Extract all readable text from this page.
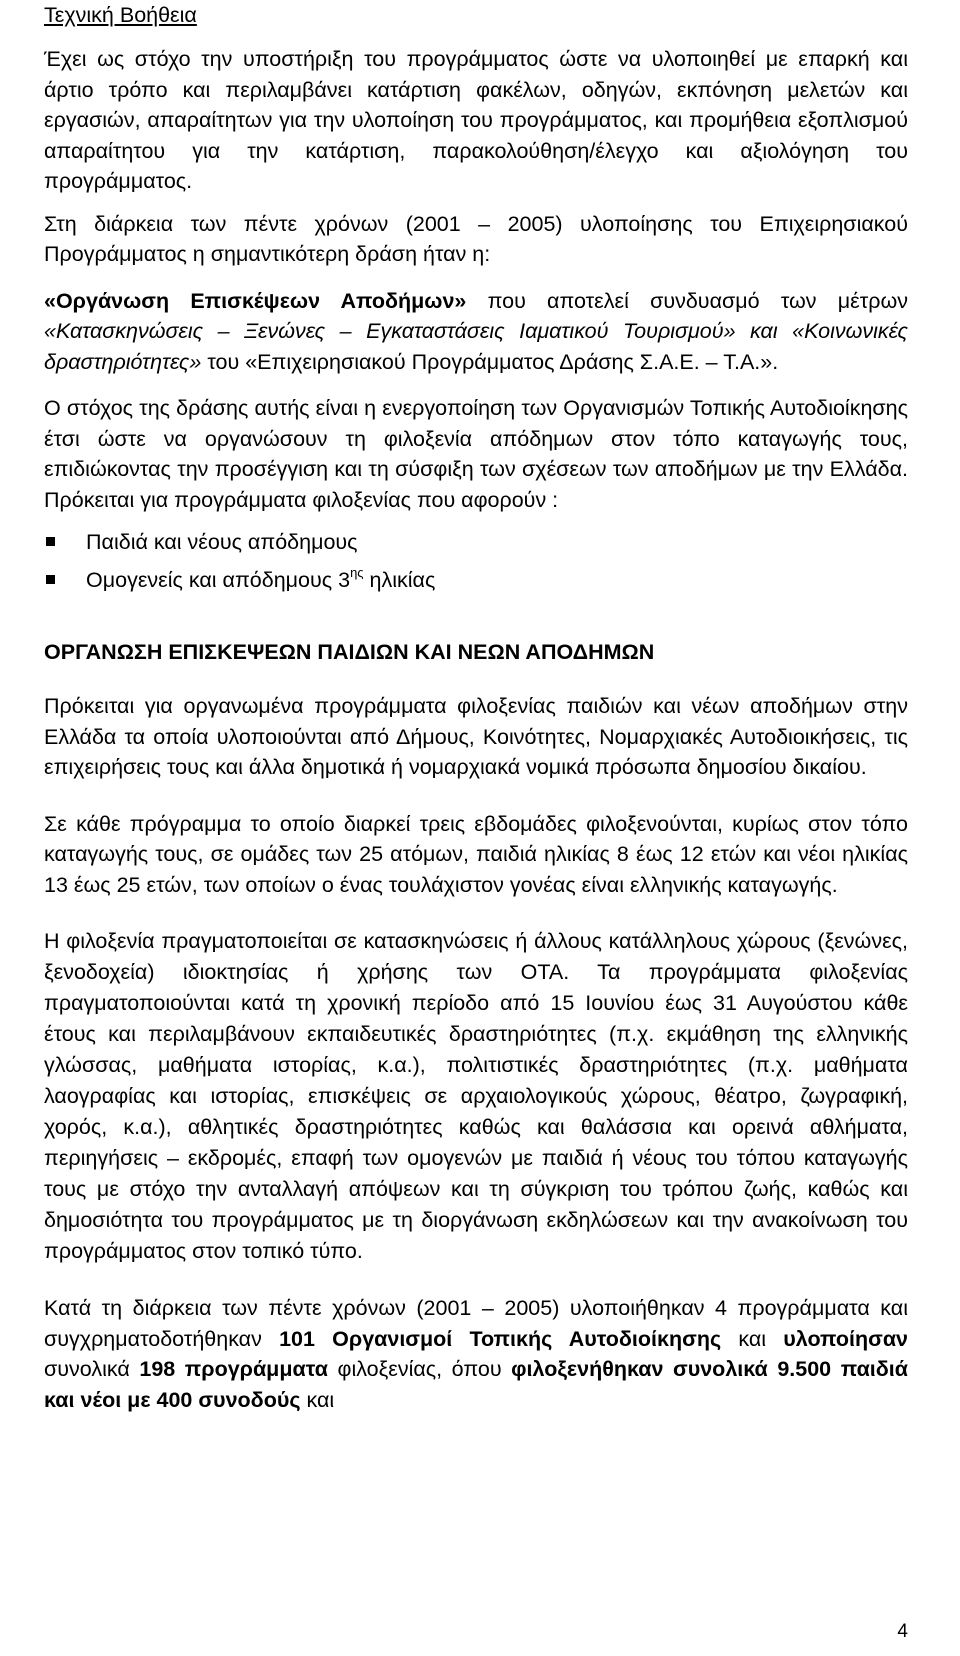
Τεχνική Βοήθεια

Έχει ως στόχο την υποστήριξη του προγράμματος ώστε να υλοποιηθεί με επαρκή και άρτιο τρόπο και περιλαμβάνει κατάρτιση φακέλων, οδηγών, εκπόνηση μελετών και εργασιών, απαραίτητων για την υλοποίηση του προγράμματος, και προμήθεια εξοπλισμού απαραίτητου για την κατάρτιση, παρακολούθηση/έλεγχο και αξιολόγηση του προγράμματος.

Στη διάρκεια των πέντε χρόνων (2001 – 2005) υλοποίησης του Επιχειρησιακού Προγράμματος η σημαντικότερη δράση ήταν η:

«Οργάνωση Επισκέψεων Αποδήμων» που αποτελεί συνδυασμό των μέτρων «Κατασκηνώσεις – Ξενώνες – Εγκαταστάσεις Ιαματικού Τουρισμού» και «Κοινωνικές δραστηριότητες» του «Επιχειρησιακού Προγράμματος Δράσης Σ.Α.Ε. – Τ.Α.».

Ο στόχος της δράσης αυτής είναι η ενεργοποίηση των Οργανισμών Τοπικής Αυτοδιοίκησης έτσι ώστε να οργανώσουν τη φιλοξενία απόδημων στον τόπο καταγωγής τους, επιδιώκοντας την προσέγγιση και τη σύσφιξη των σχέσεων των αποδήμων με την Ελλάδα. Πρόκειται για προγράμματα φιλοξενίας που αφορούν :

Παιδιά και νέους απόδημους
Ομογενείς και απόδημους $3^{\eta\varsigma}$ ηλικίας
ΟΡΓΑΝΩΣΗ ΕΠΙΣΚΕΨΕΩΝ ΠΑΙΔΙΩΝ ΚΑΙ ΝΕΩΝ ΑΠΟΔΗΜΩΝ

Πρόκειται για οργανωμένα προγράμματα φιλοξενίας παιδιών και νέων αποδήμων στην Ελλάδα τα οποία υλοποιούνται από Δήμους, Κοινότητες, Νομαρχιακές Αυτοδιοικήσεις, τις επιχειρήσεις τους και άλλα δημοτικά ή νομαρχιακά νομικά πρόσωπα δημοσίου δικαίου.

Σε κάθε πρόγραμμα το οποίο διαρκεί τρεις εβδομάδες φιλοξενούνται, κυρίως στον τόπο καταγωγής τους, σε ομάδες των 25 ατόμων, παιδιά ηλικίας 8 έως 12 ετών και νέοι ηλικίας 13 έως 25 ετών, των οποίων ο ένας τουλάχιστον γονέας είναι ελληνικής καταγωγής.

Η φιλοξενία πραγματοποιείται σε κατασκηνώσεις ή άλλους κατάλληλους χώρους (ξενώνες, ξενοδοχεία) ιδιοκτησίας ή χρήσης των ΟΤΑ. Τα προγράμματα φιλοξενίας πραγματοποιούνται κατά τη χρονική περίοδο από 15 Ιουνίου έως 31 Αυγούστου κάθε έτους και περιλαμβάνουν εκπαιδευτικές δραστηριότητες (π.χ. εκμάθηση της ελληνικής γλώσσας, μαθήματα ιστορίας, κ.α.), πολιτιστικές δραστηριότητες (π.χ. μαθήματα λαογραφίας και ιστορίας, επισκέψεις σε αρχαιολογικούς χώρους, θέατρο, ζωγραφική, χορός, κ.α.), αθλητικές δραστηριότητες καθώς και θαλάσσια και ορεινά αθλήματα, περιηγήσεις – εκδρομές, επαφή των ομογενών με παιδιά ή νέους του τόπου καταγωγής τους με στόχο την ανταλλαγή απόψεων και τη σύγκριση του τρόπου ζωής, καθώς και δημοσιότητα του προγράμματος με τη διοργάνωση εκδηλώσεων και την ανακοίνωση του προγράμματος στον τοπικό τύπο.

Κατά τη διάρκεια των πέντε χρόνων (2001 – 2005) υλοποιήθηκαν 4 προγράμματα και συγχρηματοδοτήθηκαν 101 Οργανισμοί Τοπικής Αυτοδιοίκησης και υλοποίησαν συνολικά 198 προγράμματα φιλοξενίας, όπου φιλοξενήθηκαν συνολικά 9.500 παιδιά και νέοι με 400 συνοδούς και

4
